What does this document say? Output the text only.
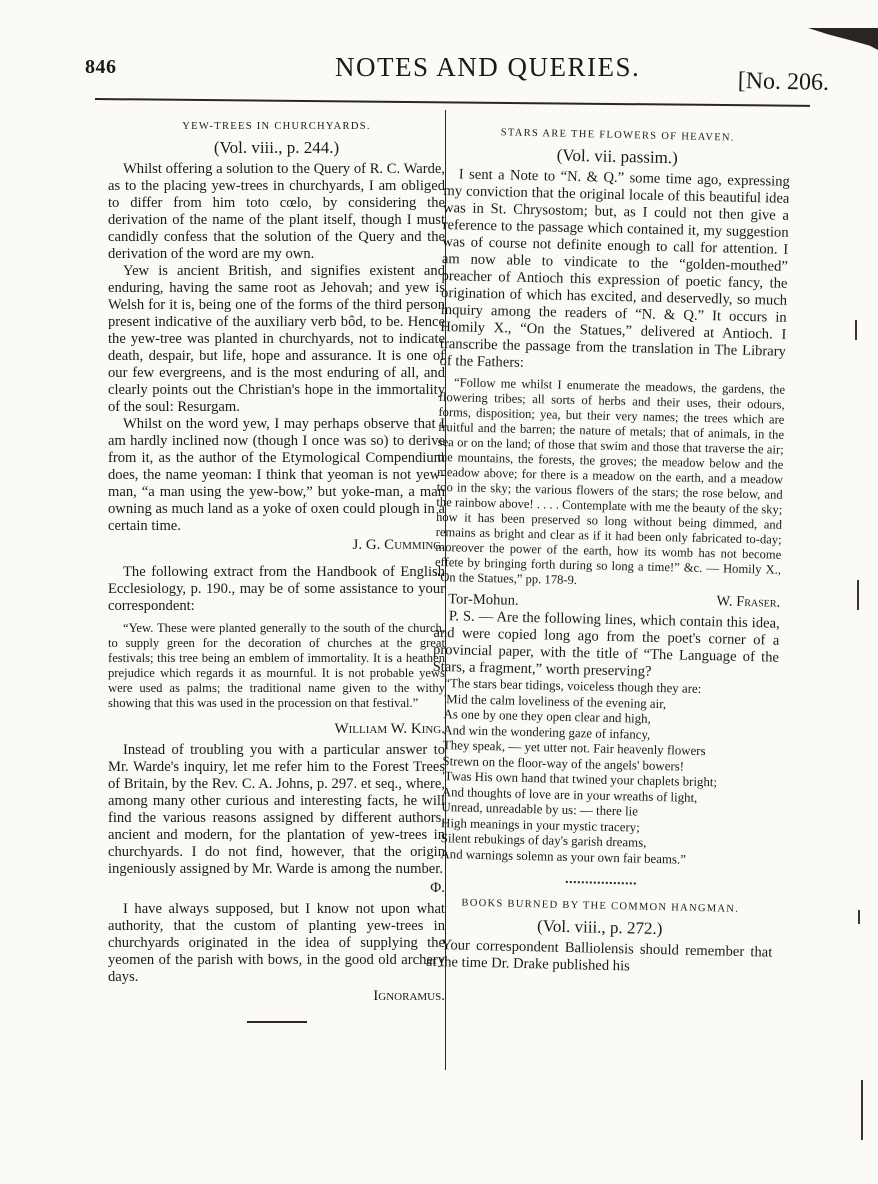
846	NOTES AND QUERIES.	[No. 206.
YEW-TREES IN CHURCHYARDS.
(Vol. viii., p. 244.)

Whilst offering a solution to the Query of R. C. Warde, as to the placing yew-trees in churchyards, I am obliged to differ from him toto cœlo, by considering the derivation of the name of the plant itself, though I must candidly confess that the solution of the Query and the derivation of the word are my own.

Yew is ancient British, and signifies existent and enduring, having the same root as Jehovah; and yew is Welsh for it is, being one of the forms of the third person present indicative of the auxiliary verb bôd, to be. Hence the yew-tree was planted in churchyards, not to indicate death, despair, but life, hope and assurance. It is one of our few evergreens, and is the most enduring of all, and clearly points out the Christian's hope in the immortality of the soul: Resurgam.

Whilst on the word yew, I may perhaps observe that I am hardly inclined now (though I once was so) to derive from it, as the author of the Etymological Compendium does, the name yeoman: I think that yeoman is not yew-man, “a man using the yew-bow,” but yoke-man, a man owning as much land as a yoke of oxen could plough in a certain time.

J. G. Cumming.

The following extract from the Handbook of English Ecclesiology, p. 190., may be of some assistance to your correspondent:

“Yew. These were planted generally to the south of the church, to supply green for the decoration of churches at the great festivals; this tree being an emblem of immortality. It is a heathen prejudice which regards it as mournful. It is not probable yews were used as palms; the traditional name given to the withy showing that this was used in the procession on that festival.”

William W. King.

Instead of troubling you with a particular answer to Mr. Warde's inquiry, let me refer him to the Forest Trees of Britain, by the Rev. C. A. Johns, p. 297. et seq., where, among many other curious and interesting facts, he will find the various reasons assigned by different authors, ancient and modern, for the plantation of yew-trees in churchyards. I do not find, however, that the origin ingeniously assigned by Mr. Warde is among the number.

Φ.

I have always supposed, but I know not upon what authority, that the custom of planting yew-trees in churchyards originated in the idea of supplying the yeomen of the parish with bows, in the good old archery days.

Ignoramus.
STARS ARE THE FLOWERS OF HEAVEN.
(Vol. vii. passim.)

I sent a Note to “N. & Q.” some time ago, expressing my conviction that the original locale of this beautiful idea was in St. Chrysostom; but, as I could not then give a reference to the passage which contained it, my suggestion was of course not definite enough to call for attention. I am now able to vindicate to the “golden-mouthed” preacher of Antioch this expression of poetic fancy, the origination of which has excited, and deservedly, so much inquiry among the readers of “N. & Q.” It occurs in Homily X., “On the Statues,” delivered at Antioch. I transcribe the passage from the translation in The Library of the Fathers:

“Follow me whilst I enumerate the meadows, the gardens, the flowering tribes; all sorts of herbs and their uses, their odours, forms, disposition; yea, but their very names; the trees which are fruitful and the barren; the nature of metals; that of animals, in the sea or on the land; of those that swim and those that traverse the air; the mountains, the forests, the groves; the meadow below and the meadow above; for there is a meadow on the earth, and a meadow too in the sky; the various flowers of the stars; the rose below, and the rainbow above! . . . . Contemplate with me the beauty of the sky; how it has been preserved so long without being dimmed, and remains as bright and clear as if it had been only fabricated to-day; moreover the power of the earth, how its womb has not become effete by bringing forth during so long a time!” &c. — Homily X., “On the Statues,” pp. 178-9.

Tor-Mohun.	W. Fraser.

P. S. — Are the following lines, which contain this idea, and were copied long ago from the poet's corner of a provincial paper, with the title of “The Language of the Stars, a fragment,” worth preserving?

“The stars bear tidings, voiceless though they are:
'Mid the calm loveliness of the evening air,
As one by one they open clear and high,
And win the wondering gaze of infancy,
They speak, — yet utter not. Fair heavenly flowers
Strewn on the floor-way of the angels' bowers!
'Twas His own hand that twined your chaplets bright;
And thoughts of love are in your wreaths of light,
Unread, unreadable by us: — there lie
High meanings in your mystic tracery;
Silent rebukings of day's garish dreams,
And warnings solemn as your own fair beams.”

BOOKS BURNED BY THE COMMON HANGMAN.
(Vol. viii., p. 272.)

Your correspondent Balliolensis should remember that at the time Dr. Drake published his
